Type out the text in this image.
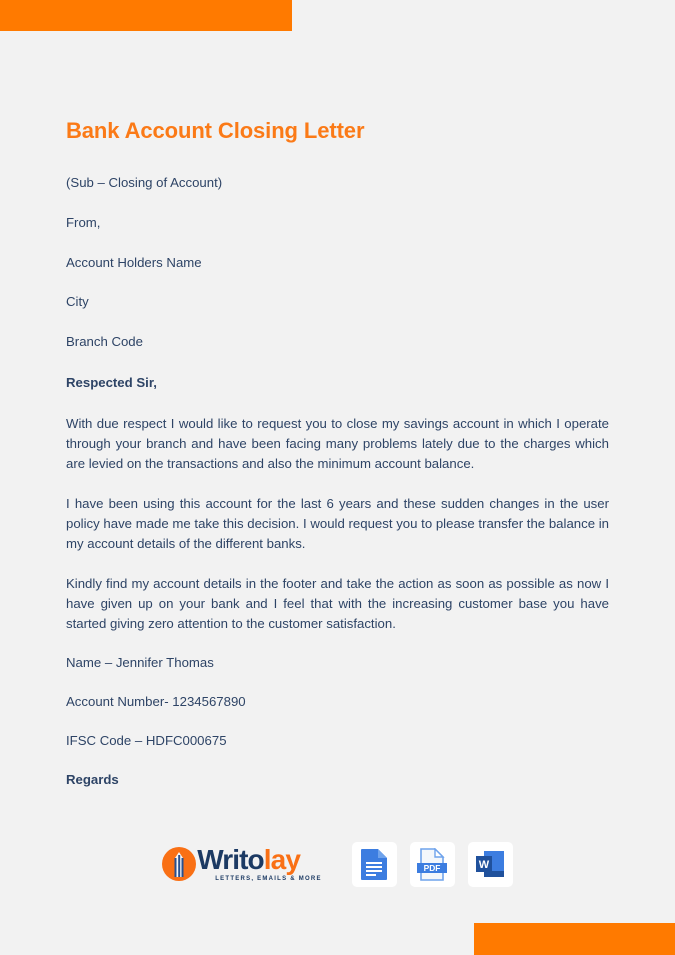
Bank Account Closing Letter

(Sub – Closing of Account)

From,

Account Holders Name

City

Branch Code

Respected Sir,

With due respect I would like to request you to close my savings account in which I operate through your branch and have been facing many problems lately due to the charges which are levied on the transactions and also the minimum account balance.

I have been using this account for the last 6 years and these sudden changes in the user policy have made me take this decision. I would request you to please transfer the balance in my account details of the different banks.

Kindly find my account details in the footer and take the action as soon as possible as now I have given up on your bank and I feel that with the increasing customer base you have started giving zero attention to the customer satisfaction.

Name – Jennifer Thomas

Account Number- 1234567890

IFSC Code – HDFC000675

Regards

Writolay
LETTERS, EMAILS & MORE
PDF	W
